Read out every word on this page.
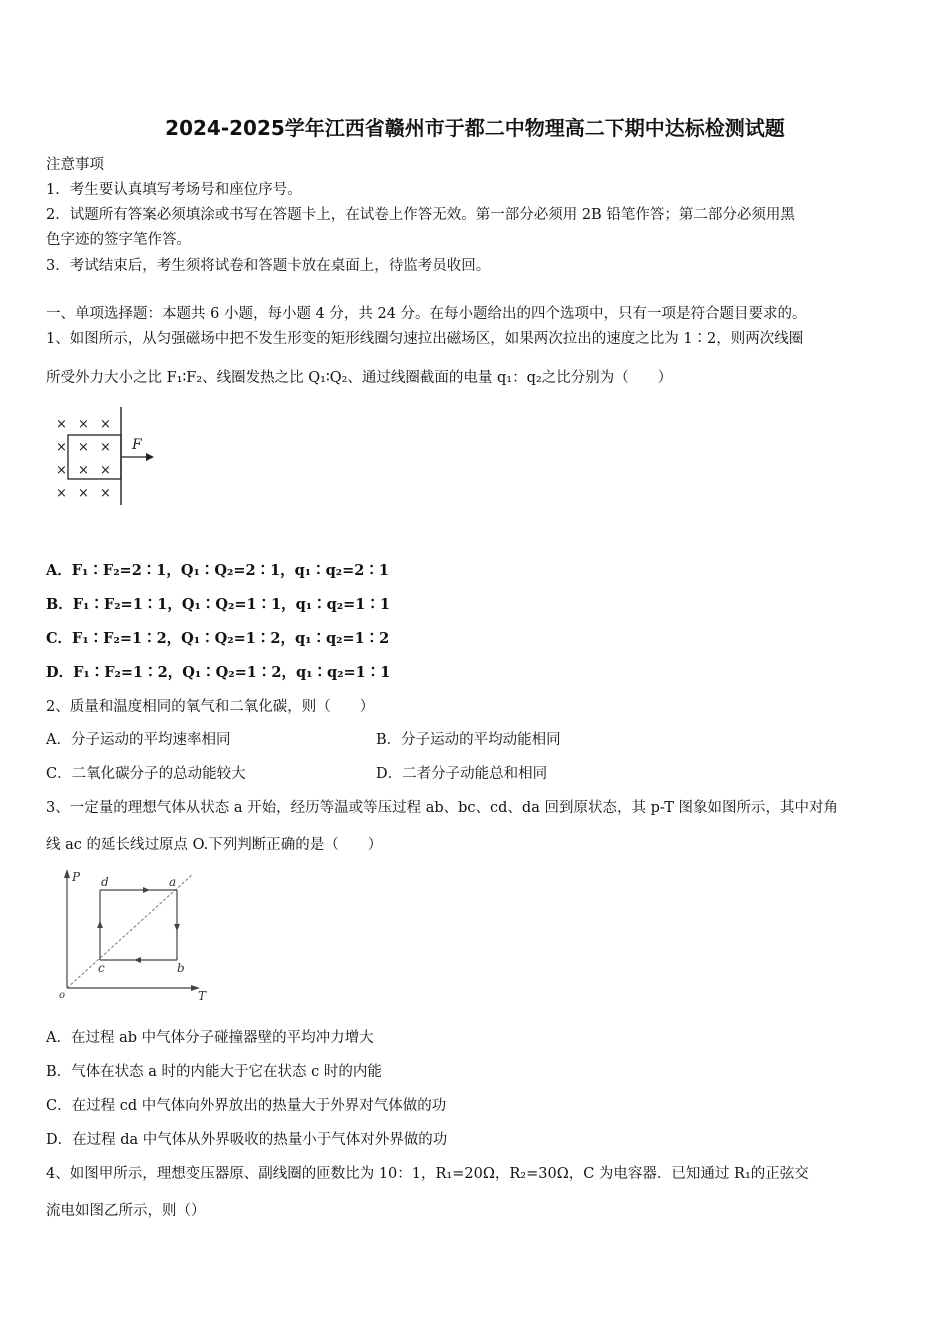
2024-2025学年江西省赣州市于都二中物理高二下期中达标检测试题
注意事项
1．考生要认真填写考场号和座位序号。
2．试题所有答案必须填涂或书写在答题卡上，在试卷上作答无效。第一部分必须用 2B 铅笔作答；第二部分必须用黑
色字迹的签字笔作答。
3．考试结束后，考生须将试卷和答题卡放在桌面上，待监考员收回。
一、单项选择题：本题共 6 小题，每小题 4 分，共 24 分。在每小题给出的四个选项中，只有一项是符合题目要求的。
1、如图所示，从匀强磁场中把不发生形变的矩形线圈匀速拉出磁场区，如果两次拉出的速度之比为 1∶2，则两次线圈
所受外力大小之比 F₁∶F₂、线圈发热之比 Q₁∶Q₂、通过线圈截面的电量 q₁：q₂之比分别为（　　）
× × ×
× × ×
× × ×
× × ×
F
A．F₁∶F₂=2∶1，Q₁∶Q₂=2∶1，q₁∶q₂=2∶1
B．F₁∶F₂=1∶1，Q₁∶Q₂=1∶1，q₁∶q₂=1∶1
C．F₁∶F₂=1∶2，Q₁∶Q₂=1∶2，q₁∶q₂=1∶2
D．F₁∶F₂=1∶2，Q₁∶Q₂=1∶2，q₁∶q₂=1∶1
2、质量和温度相同的氧气和二氧化碳，则（　　）
A．分子运动的平均速率相同	B．分子运动的平均动能相同
C．二氧化碳分子的总动能较大	D．二者分子动能总和相同
3、一定量的理想气体从状态 a 开始，经历等温或等压过程 ab、bc、cd、da 回到原状态，其 p-T 图象如图所示，其中对角
线 ac 的延长线过原点 O.下列判断正确的是（　　）
P
T
o
d	a
b
c
A．在过程 ab 中气体分子碰撞器壁的平均冲力增大
B．气体在状态 a 时的内能大于它在状态 c 时的内能
C．在过程 cd 中气体向外界放出的热量大于外界对气体做的功
D．在过程 da 中气体从外界吸收的热量小于气体对外界做的功
4、如图甲所示，理想变压器原、副线圈的匝数比为 10：1，R₁=20Ω，R₂=30Ω，C 为电容器．已知通过 R₁的正弦交
流电如图乙所示，则（）
